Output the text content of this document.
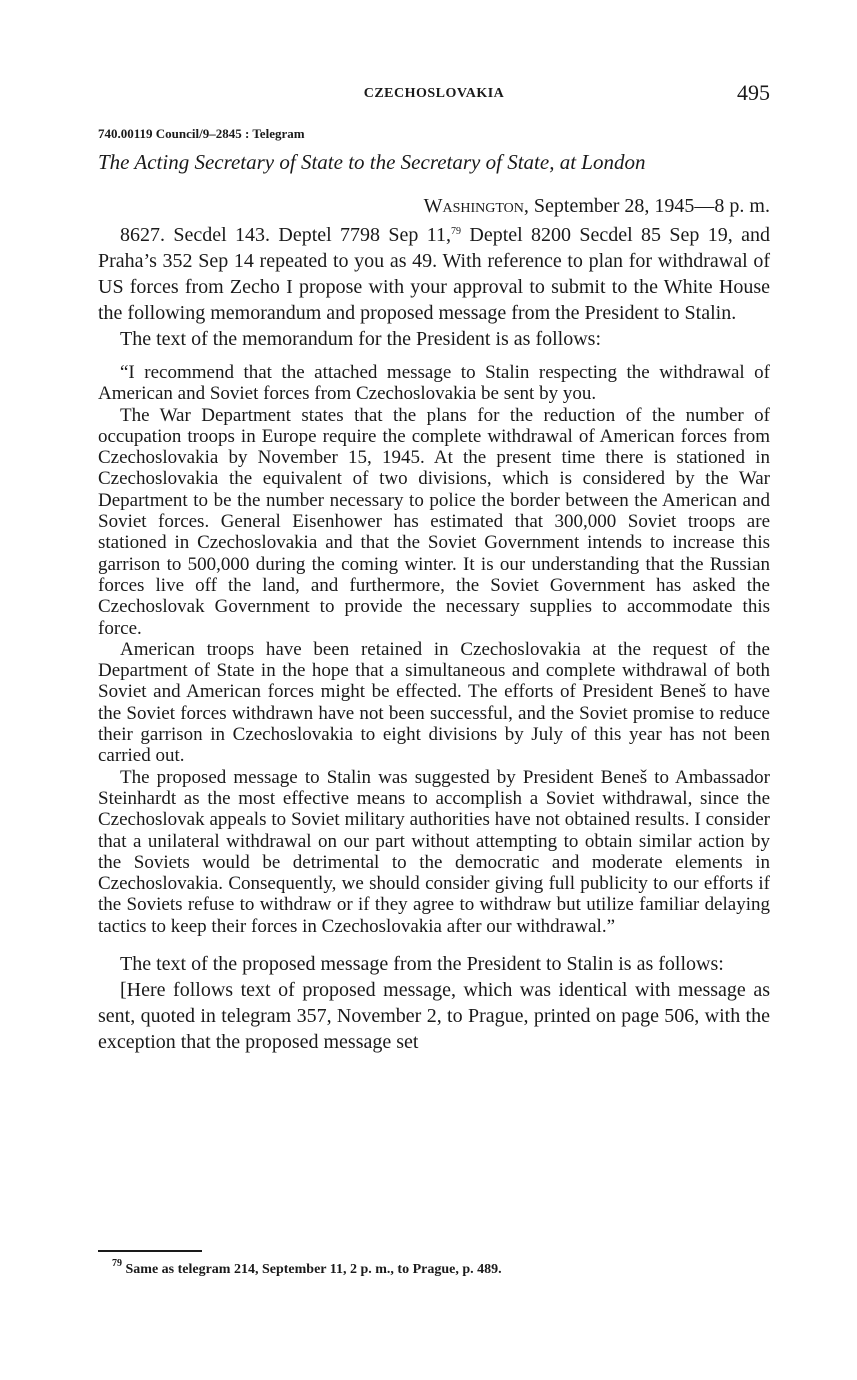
CZECHOSLOVAKIA	495
740.00119 Council/9–2845 : Telegram
The Acting Secretary of State to the Secretary of State, at London
Washington, September 28, 1945—8 p. m.

8627. Secdel 143. Deptel 7798 Sep 11,79 Deptel 8200 Secdel 85 Sep 19, and Praha’s 352 Sep 14 repeated to you as 49. With reference to plan for withdrawal of US forces from Zecho I propose with your approval to submit to the White House the following memorandum and proposed message from the President to Stalin.

The text of the memorandum for the President is as follows:

“I recommend that the attached message to Stalin respecting the withdrawal of American and Soviet forces from Czechoslovakia be sent by you.

The War Department states that the plans for the reduction of the number of occupation troops in Europe require the complete withdrawal of American forces from Czechoslovakia by November 15, 1945. At the present time there is stationed in Czechoslovakia the equivalent of two divisions, which is considered by the War Department to be the number necessary to police the border between the American and Soviet forces. General Eisenhower has estimated that 300,000 Soviet troops are stationed in Czechoslovakia and that the Soviet Government intends to increase this garrison to 500,000 during the coming winter. It is our understanding that the Russian forces live off the land, and furthermore, the Soviet Government has asked the Czechoslovak Government to provide the necessary supplies to accommodate this force.

American troops have been retained in Czechoslovakia at the request of the Department of State in the hope that a simultaneous and complete withdrawal of both Soviet and American forces might be effected. The efforts of President Beneš to have the Soviet forces withdrawn have not been successful, and the Soviet promise to reduce their garrison in Czechoslovakia to eight divisions by July of this year has not been carried out.

The proposed message to Stalin was suggested by President Beneš to Ambassador Steinhardt as the most effective means to accomplish a Soviet withdrawal, since the Czechoslovak appeals to Soviet military authorities have not obtained results. I consider that a unilateral withdrawal on our part without attempting to obtain similar action by the Soviets would be detrimental to the democratic and moderate elements in Czechoslovakia. Consequently, we should consider giving full publicity to our efforts if the Soviets refuse to withdraw or if they agree to withdraw but utilize familiar delaying tactics to keep their forces in Czechoslovakia after our withdrawal.”

The text of the proposed message from the President to Stalin is as follows:

[Here follows text of proposed message, which was identical with message as sent, quoted in telegram 357, November 2, to Prague, printed on page 506, with the exception that the proposed message set

$^{79}$ Same as telegram 214, September 11, 2 p. m., to Prague, p. 489.
